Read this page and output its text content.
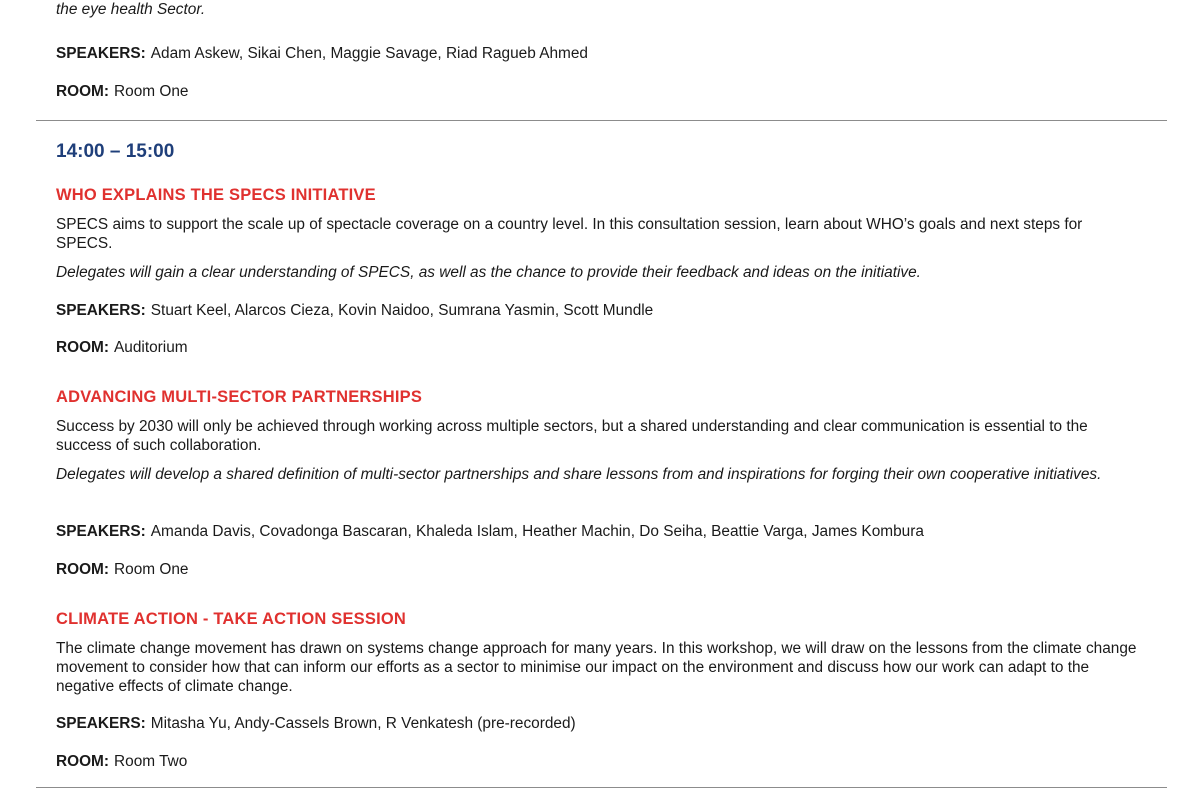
the eye health Sector.

SPEAKERS: Adam Askew, Sikai Chen, Maggie Savage, Riad Ragueb Ahmed

ROOM: Room One

14:00 – 15:00

WHO EXPLAINS THE SPECS INITIATIVE

SPECS aims to support the scale up of spectacle coverage on a country level. In this consultation session, learn about WHO’s goals and next steps for SPECS.

Delegates will gain a clear understanding of SPECS, as well as the chance to provide their feedback and ideas on the initiative.

SPEAKERS: Stuart Keel, Alarcos Cieza, Kovin Naidoo, Sumrana Yasmin, Scott Mundle

ROOM: Auditorium

ADVANCING MULTI-SECTOR PARTNERSHIPS

Success by 2030 will only be achieved through working across multiple sectors, but a shared understanding and clear communication is essential to the success of such collaboration.

Delegates will develop a shared definition of multi-sector partnerships and share lessons from and inspirations for forging their own cooperative initiatives.

SPEAKERS: Amanda Davis, Covadonga Bascaran, Khaleda Islam, Heather Machin, Do Seiha, Beattie Varga, James Kombura

ROOM: Room One

CLIMATE ACTION - TAKE ACTION SESSION

The climate change movement has drawn on systems change approach for many years. In this workshop, we will draw on the lessons from the climate change movement to consider how that can inform our efforts as a sector to minimise our impact on the environment and discuss how our work can adapt to the negative effects of climate change.

SPEAKERS: Mitasha Yu, Andy-Cassels Brown, R Venkatesh (pre-recorded)

ROOM: Room Two
